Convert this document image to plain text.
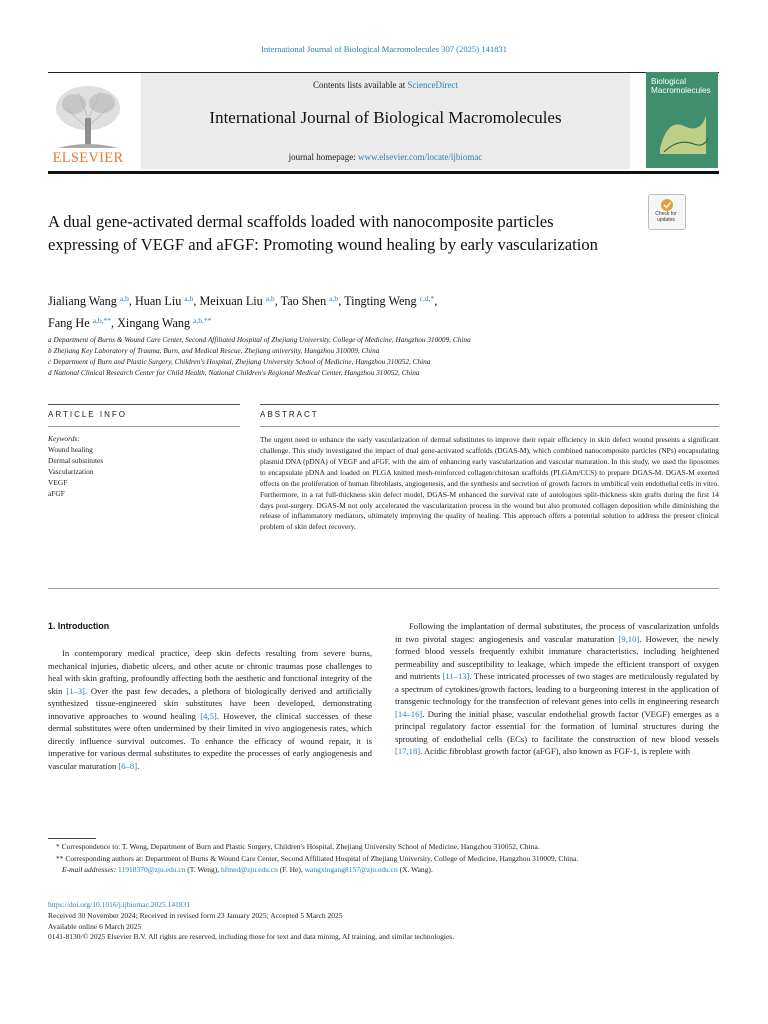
International Journal of Biological Macromolecules 307 (2025) 141831
ELSEVIER
Contents lists available at ScienceDirect
International Journal of Biological Macromolecules
journal homepage: www.elsevier.com/locate/ijbiomac
Biological Macromolecules
Check for updates
A dual gene-activated dermal scaffolds loaded with nanocomposite particles expressing of VEGF and aFGF: Promoting wound healing by early vascularization
Jialiang Wang $^{a,b}$, Huan Liu $^{a,b}$, Meixuan Liu $^{a,b}$, Tao Shen $^{a,b}$, Tingting Weng $^{c,d,*}$,
Fang He $^{a,b,**}$, Xingang Wang $^{a,b,**}$
a Department of Burns & Wound Care Center, Second Affiliated Hospital of Zhejiang University, College of Medicine, Hangzhou 310009, China
b Zhejiang Key Laboratory of Trauma, Burn, and Medical Rescue, Zhejiang university, Hangzhou 310009, China
c Department of Burn and Plastic Surgery, Children's Hospital, Zhejiang University School of Medicine, Hangzhou 310052, China
d National Clinical Research Center for Child Health, National Children's Regional Medical Center, Hangzhou 310052, China
ARTICLE INFO	ABSTRACT
Keywords:
Wound healing
Dermal substitutes
Vascularization
VEGF
aFGF
The urgent need to enhance the early vascularization of dermal substitutes to improve their repair efficiency in skin defect wound presents a significant challenge. This study investigated the impact of dual gene-activated scaffolds (DGAS-M), which combined nanocomposite particles (NPs) encapsulating plasmid DNA (pDNA) of VEGF and aFGF, with the aim of enhancing early vascularization and vascular maturation. In this study, we used the liposomes to encapsulate pDNA and loaded on PLGA knitted mesh-reinforced collagen/chitosan scaffolds (PLGAm/CCS) to prepare DGAS-M. DGAS-M exerted effects on the proliferation of human fibroblasts, angiogenesis, and the synthesis and secretion of growth factors in umbilical vein endothelial cells in vitro. Furthermore, in a rat full-thickness skin defect model, DGAS-M enhanced the survival rate of autologous split-thickness skin grafts during the first 14 days post-surgery. DGAS-M not only accelerated the vascularization process in the wound but also promoted collagen deposition while diminishing the release of inflammatory mediators, ultimately improving the quality of healing. This approach offers a potential solution to address the present clinical problem of skin defect recovery.
1. Introduction

In contemporary medical practice, deep skin defects resulting from severe burns, mechanical injuries, diabetic ulcers, and other acute or chronic traumas pose challenges to heal with skin grafting, profoundly affecting both the aesthetic and functional integrity of the skin [1–3]. Over the past few decades, a plethora of biologically derived and artificially synthesized tissue-engineered skin substitutes have been developed, demonstrating innovative approaches to wound healing [4,5]. However, the clinical successes of these dermal substitutes were often undermined by their limited in vivo angiogenesis rates, which directly influence survival outcomes. To enhance the efficacy of wound repair, it is imperative for various dermal substitutes to expedite the processes of early angiogenesis and vascular maturation [6–8].

Following the implantation of dermal substitutes, the process of vascularization unfolds in two pivotal stages: angiogenesis and vascular maturation [9,10]. However, the newly formed blood vessels frequently exhibit immature characteristics, including heightened permeability and susceptibility to leakage, which impede the efficient transport of oxygen and nutrients [11–13]. These intricated processes of two stages are meticulously regulated by a spectrum of cytokines/growth factors, leading to a burgeoning interest in the application of transgenic technology for the transfection of relevant genes into cells in engineering research [14–16]. During the initial phase, vascular endothelial growth factor (VEGF) emerges as a principal regulatory factor essential for the formation of luminal structures during the sprouting of endothelial cells (ECs) to facilitate the construction of new blood vessels [17,18]. Acidic fibroblast growth factor (aFGF), also known as FGF-1, is replete with

* Correspondence to: T. Weng, Department of Burn and Plastic Surgery, Children's Hospital, Zhejiang University School of Medicine, Hangzhou 310052, China.

** Corresponding authors at: Department of Burns & Wound Care Center, Second Affiliated Hospital of Zhejiang University, College of Medicine, Hangzhou 310009, China.

E-mail addresses: 11918370@zju.edu.cn (T. Weng), hfmed@zju.edu.cn (F. He), wangxingang8157@zju.edu.cn (X. Wang).

https://doi.org/10.1016/j.ijbiomac.2025.141831
Received 30 November 2024; Received in revised form 23 January 2025; Accepted 5 March 2025
Available online 6 March 2025
0141-8130/© 2025 Elsevier B.V. All rights are reserved, including those for text and data mining, AI training, and similar technologies.
